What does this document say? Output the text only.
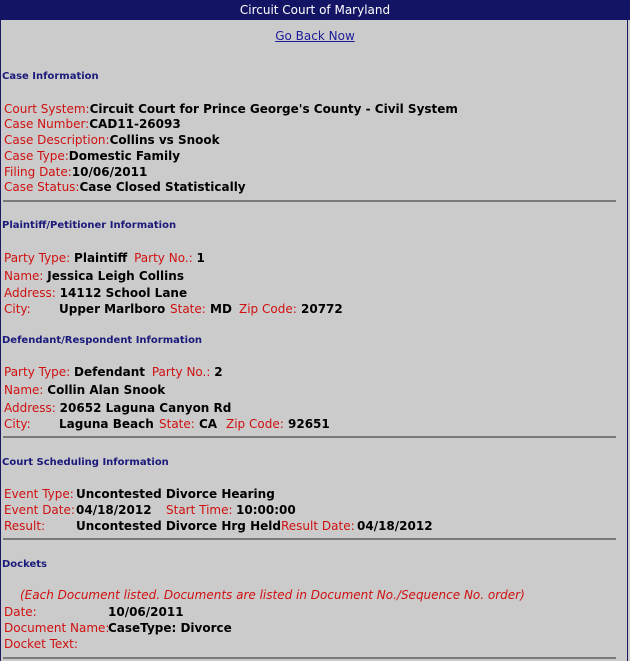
Circuit Court of Maryland
Go Back Now
Case Information
Court System:Circuit Court for Prince George's County - Civil System
Case Number:CAD11-26093
Case Description:Collins vs Snook
Case Type:Domestic Family
Filing Date:10/06/2011
Case Status:Case Closed Statistically
Plaintiff/Petitioner Information
Party Type: Plaintiff Party No.: 1
Name: Jessica Leigh Collins
Address: 14112 School Lane
City: Upper Marlboro State: MD Zip Code: 20772
Defendant/Respondent Information
Party Type: Defendant Party No.: 2
Name: Collin Alan Snook
Address: 20652 Laguna Canyon Rd
City: Laguna Beach State: CA Zip Code: 92651
Court Scheduling Information
Event Type: Uncontested Divorce Hearing
Event Date: 04/18/2012 Start Time: 10:00:00
Result:	Uncontested Divorce Hrg Held Result Date: 04/18/2012
Dockets
(Each Document listed. Documents are listed in Document No./Sequence No. order)
Date:	10/06/2011
Document Name:
CaseType: Divorce
Docket Text:
